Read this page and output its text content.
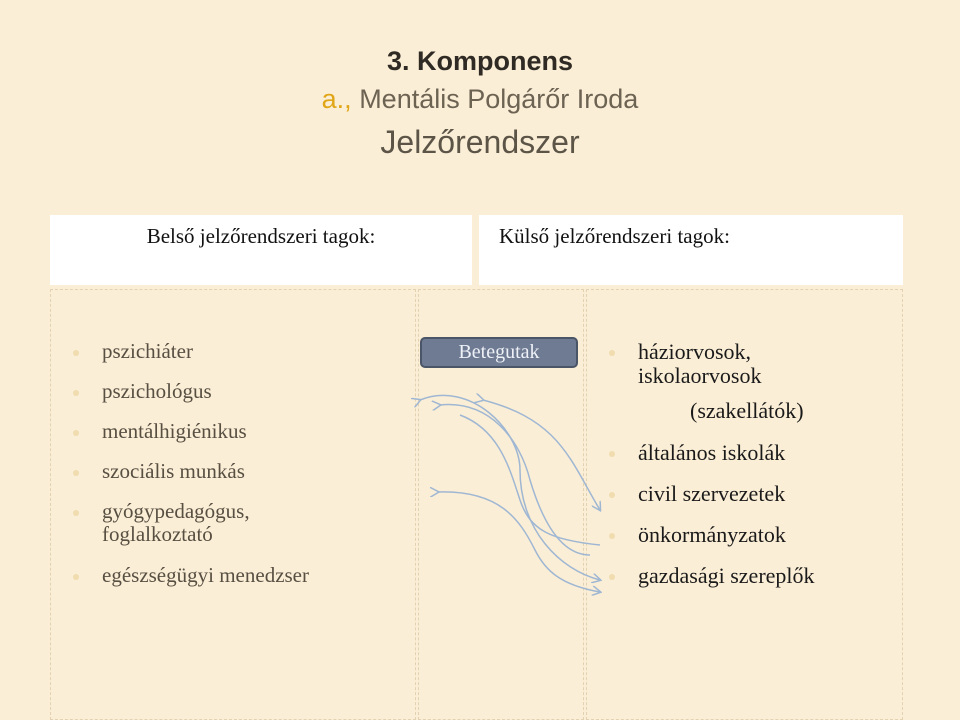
3. Komponens
a., Mentális Polgárőr Iroda
Jelzőrendszer
Belső jelzőrendszeri tagok:	Külső jelzőrendszeri tagok:
Betegutak
pszichiáter
pszichológus
mentálhigiénikus
szociális munkás
gyógypedagógus,
foglalkoztató
egészségügyi menedzser
háziorvosok,
iskolaorvosok
(szakellátók)
általános iskolák
civil szervezetek
önkormányzatok
gazdasági szereplők
